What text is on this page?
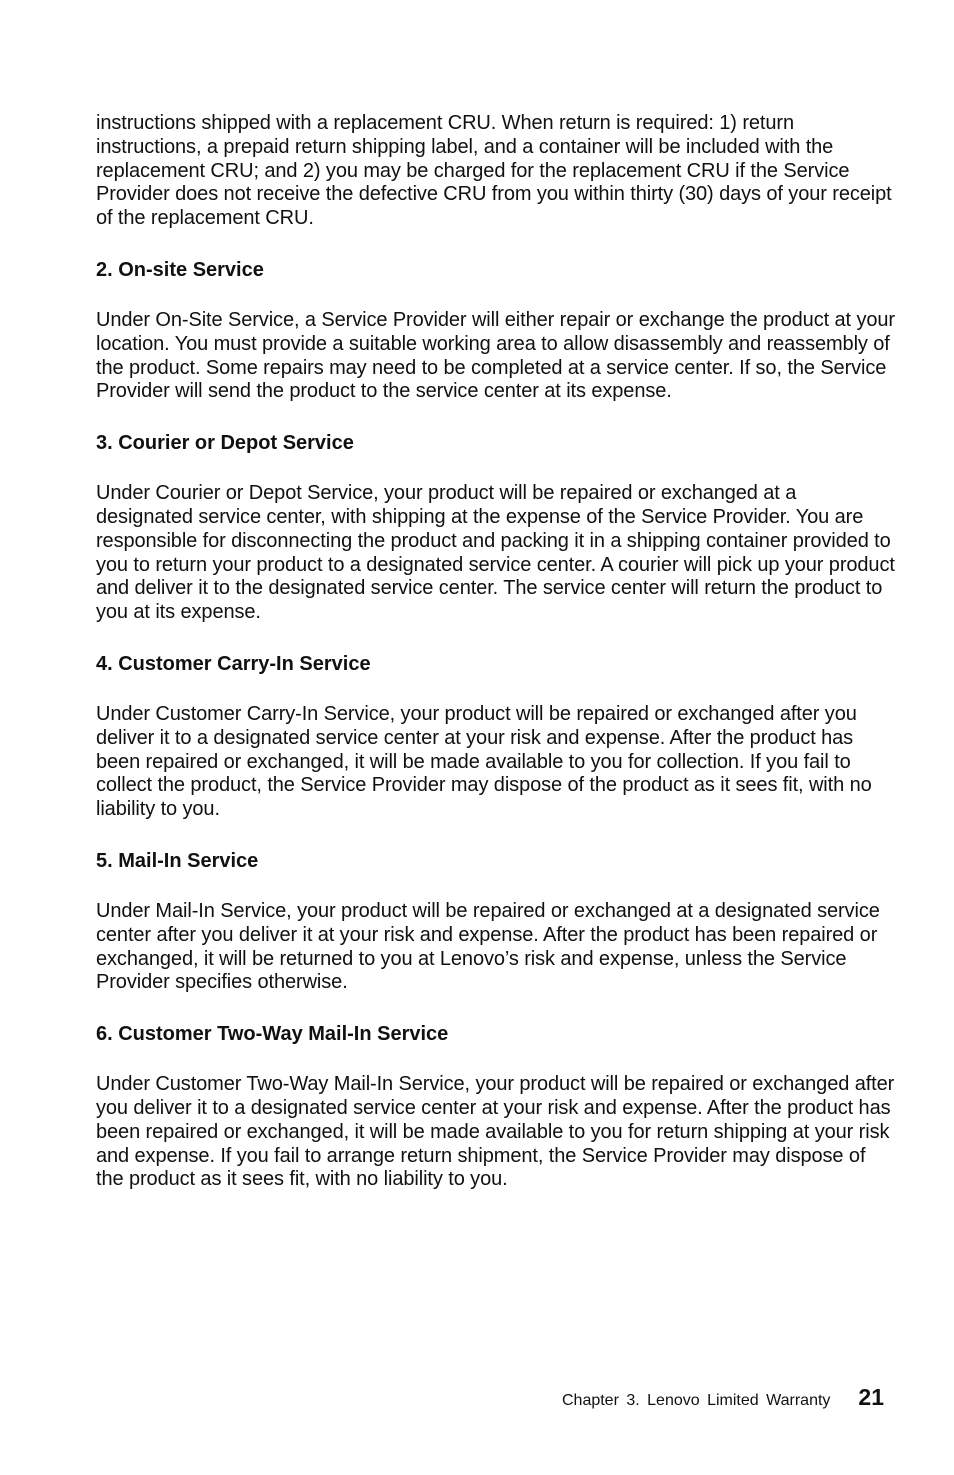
instructions shipped with a replacement CRU. When return is required: 1) return instructions, a prepaid return shipping label, and a container will be included with the replacement CRU; and 2) you may be charged for the replacement CRU if the Service Provider does not receive the defective CRU from you within thirty (30) days of your receipt of the replacement CRU.

2. On-site Service

Under On-Site Service, a Service Provider will either repair or exchange the product at your location. You must provide a suitable working area to allow disassembly and reassembly of the product. Some repairs may need to be completed at a service center. If so, the Service Provider will send the product to the service center at its expense.

3. Courier or Depot Service

Under Courier or Depot Service, your product will be repaired or exchanged at a designated service center, with shipping at the expense of the Service Provider. You are responsible for disconnecting the product and packing it in a shipping container provided to you to return your product to a designated service center. A courier will pick up your product and deliver it to the designated service center. The service center will return the product to you at its expense.

4. Customer Carry-In Service

Under Customer Carry-In Service, your product will be repaired or exchanged after you deliver it to a designated service center at your risk and expense. After the product has been repaired or exchanged, it will be made available to you for collection. If you fail to collect the product, the Service Provider may dispose of the product as it sees fit, with no liability to you.

5. Mail-In Service

Under Mail-In Service, your product will be repaired or exchanged at a designated service center after you deliver it at your risk and expense. After the product has been repaired or exchanged, it will be returned to you at Lenovo’s risk and expense, unless the Service Provider specifies otherwise.

6. Customer Two-Way Mail-In Service

Under Customer Two-Way Mail-In Service, your product will be repaired or exchanged after you deliver it to a designated service center at your risk and expense. After the product has been repaired or exchanged, it will be made available to you for return shipping at your risk and expense. If you fail to arrange return shipment, the Service Provider may dispose of the product as it sees fit, with no liability to you.

Chapter 3. Lenovo Limited Warranty 21
